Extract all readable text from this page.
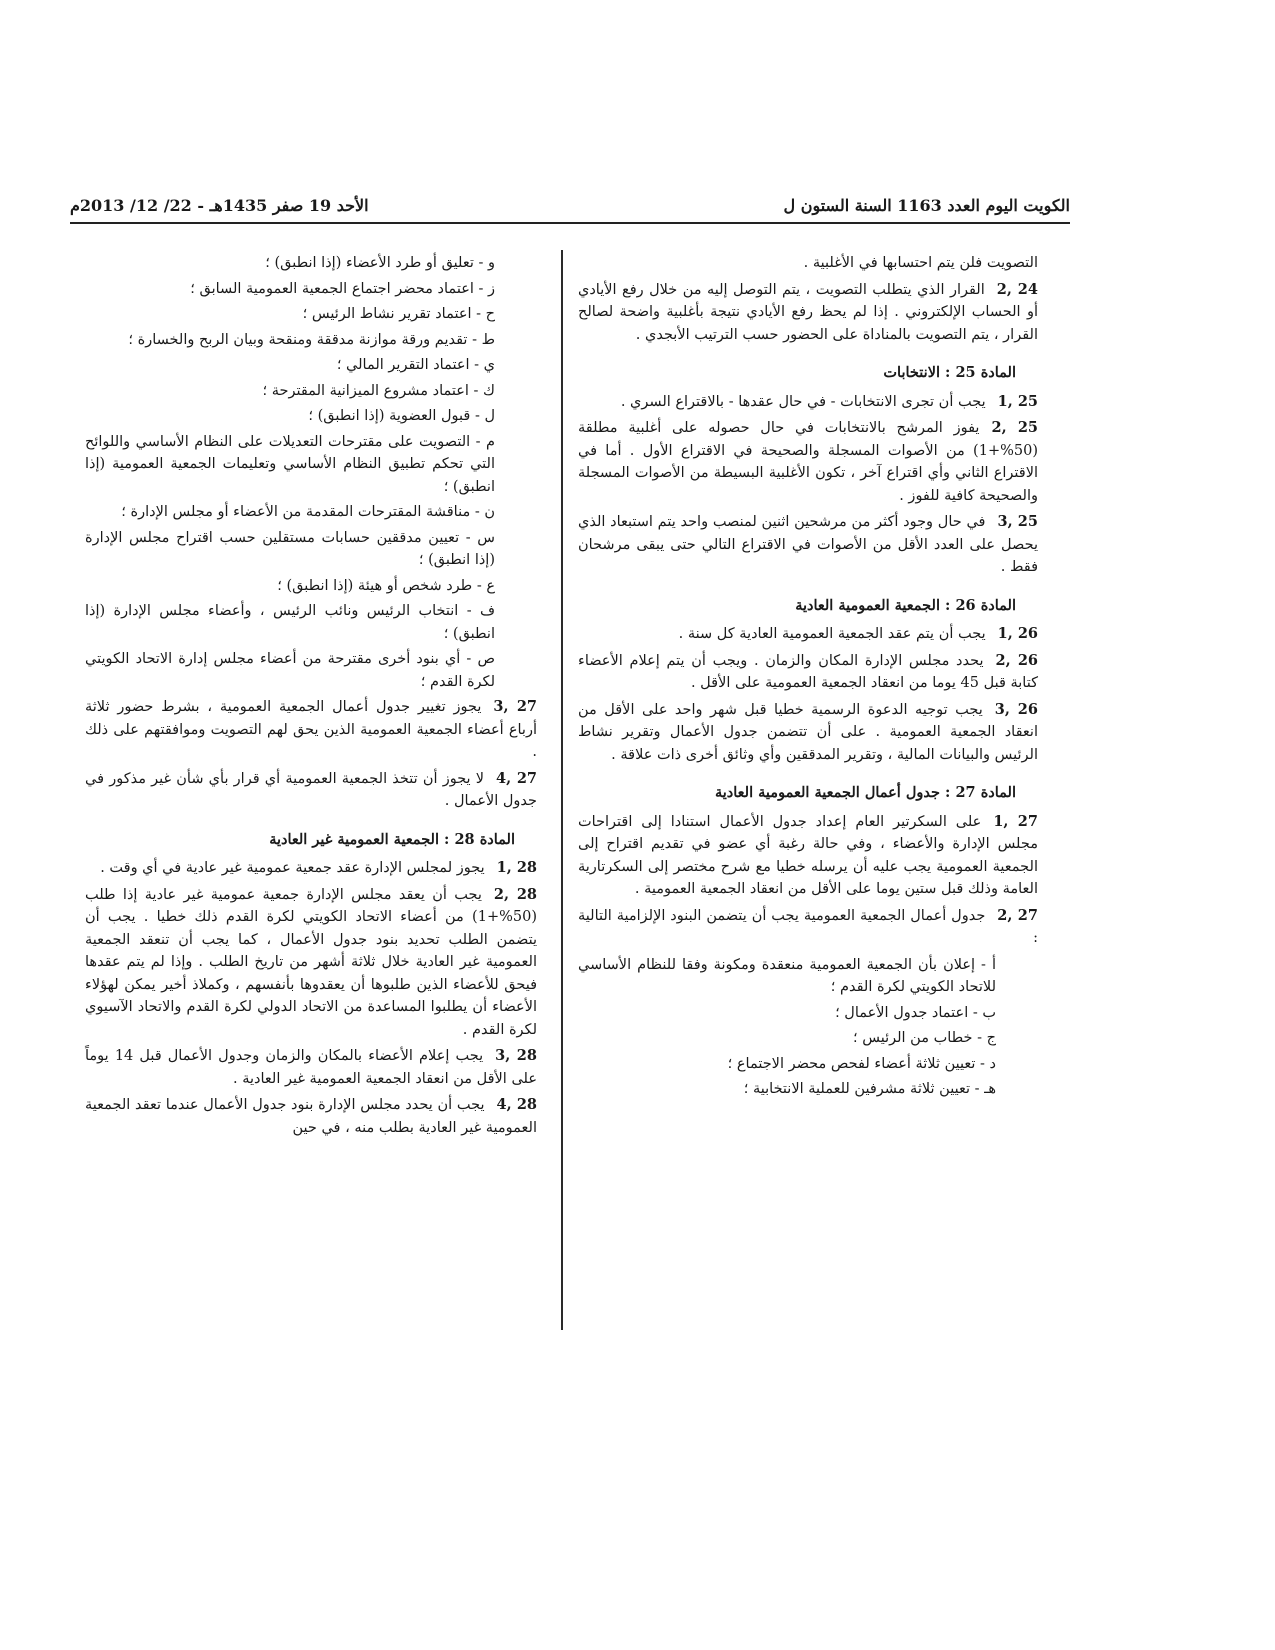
الكويت اليوم العدد 1163 السنة الستون ل
الأحد 19 صفر 1435هـ - 22/ 12/ 2013م

التصويت فلن يتم احتسابها في الأغلبية .

24 ,2القرار الذي يتطلب التصويت ، يتم التوصل إليه من خلال رفع الأيادي أو الحساب الإلكتروني . إذا لم يحظ رفع الأيادي نتيجة بأغلبية واضحة لصالح القرار ، يتم التصويت بالمناداة على الحضور حسب الترتيب الأبجدي .

المادة 25 : الانتخابات

25 ,1يجب أن تجرى الانتخابات - في حال عقدها - بالاقتراع السري .

25 ,2يفوز المرشح بالانتخابات في حال حصوله على أغلبية مطلقة (50%+1) من الأصوات المسجلة والصحيحة في الاقتراع الأول . أما في الاقتراع الثاني وأي اقتراع آخر ، تكون الأغلبية البسيطة من الأصوات المسجلة والصحيحة كافية للفوز .

25 ,3في حال وجود أكثر من مرشحين اثنين لمنصب واحد يتم استبعاد الذي يحصل على العدد الأقل من الأصوات في الاقتراع التالي حتى يبقى مرشحان فقط .

المادة 26 : الجمعية العمومية العادية

26 ,1يجب أن يتم عقد الجمعية العمومية العادية كل سنة .

26 ,2يحدد مجلس الإدارة المكان والزمان . ويجب أن يتم إعلام الأعضاء كتابة قبل 45 يوما من انعقاد الجمعية العمومية على الأقل .

26 ,3يجب توجيه الدعوة الرسمية خطيا قبل شهر واحد على الأقل من انعقاد الجمعية العمومية . على أن تتضمن جدول الأعمال وتقرير نشاط الرئيس والبيانات المالية ، وتقرير المدققين وأي وثائق أخرى ذات علاقة .

المادة 27 : جدول أعمال الجمعية العمومية العادية

27 ,1على السكرتير العام إعداد جدول الأعمال استنادا إلى اقتراحات مجلس الإدارة والأعضاء ، وفي حالة رغبة أي عضو في تقديم اقتراح إلى الجمعية العمومية يجب عليه أن يرسله خطيا مع شرح مختصر إلى السكرتارية العامة وذلك قبل ستين يوما على الأقل من انعقاد الجمعية العمومية .

27 ,2جدول أعمال الجمعية العمومية يجب أن يتضمن البنود الإلزامية التالية :

أ - إعلان بأن الجمعية العمومية منعقدة ومكونة وفقا للنظام الأساسي للاتحاد الكويتي لكرة القدم ؛

ب - اعتماد جدول الأعمال ؛

ج - خطاب من الرئيس ؛

د - تعيين ثلاثة أعضاء لفحص محضر الاجتماع ؛

هـ - تعيين ثلاثة مشرفين للعملية الانتخابية ؛

و - تعليق أو طرد الأعضاء (إذا انطبق) ؛

ز - اعتماد محضر اجتماع الجمعية العمومية السابق ؛

ح - اعتماد تقرير نشاط الرئيس ؛

ط - تقديم ورقة موازنة مدققة ومنقحة وبيان الربح والخسارة ؛

ي - اعتماد التقرير المالي ؛

ك - اعتماد مشروع الميزانية المقترحة ؛

ل - قبول العضوية (إذا انطبق) ؛

م - التصويت على مقترحات التعديلات على النظام الأساسي واللوائح التي تحكم تطبيق النظام الأساسي وتعليمات الجمعية العمومية (إذا انطبق) ؛

ن - مناقشة المقترحات المقدمة من الأعضاء أو مجلس الإدارة ؛

س - تعيين مدققين حسابات مستقلين حسب اقتراح مجلس الإدارة (إذا انطبق) ؛

ع - طرد شخص أو هيئة (إذا انطبق) ؛

ف - انتخاب الرئيس ونائب الرئيس ، وأعضاء مجلس الإدارة (إذا انطبق) ؛

ص - أي بنود أخرى مقترحة من أعضاء مجلس إدارة الاتحاد الكويتي لكرة القدم ؛

27 ,3يجوز تغيير جدول أعمال الجمعية العمومية ، بشرط حضور ثلاثة أرباع أعضاء الجمعية العمومية الذين يحق لهم التصويت وموافقتهم على ذلك .

27 ,4لا يجوز أن تتخذ الجمعية العمومية أي قرار بأي شأن غير مذكور في جدول الأعمال .

المادة 28 : الجمعية العمومية غير العادية

28 ,1يجوز لمجلس الإدارة عقد جمعية عمومية غير عادية في أي وقت .

28 ,2يجب أن يعقد مجلس الإدارة جمعية عمومية غير عادية إذا طلب (50%+1) من أعضاء الاتحاد الكويتي لكرة القدم ذلك خطيا . يجب أن يتضمن الطلب تحديد بنود جدول الأعمال ، كما يجب أن تنعقد الجمعية العمومية غير العادية خلال ثلاثة أشهر من تاريخ الطلب . وإذا لم يتم عقدها فيحق للأعضاء الذين طلبوها أن يعقدوها بأنفسهم ، وكملاذ أخير يمكن لهؤلاء الأعضاء أن يطلبوا المساعدة من الاتحاد الدولي لكرة القدم والاتحاد الآسيوي لكرة القدم .

28 ,3يجب إعلام الأعضاء بالمكان والزمان وجدول الأعمال قبل 14 يوماً على الأقل من انعقاد الجمعية العمومية غير العادية .

28 ,4يجب أن يحدد مجلس الإدارة بنود جدول الأعمال عندما تعقد الجمعية العمومية غير العادية بطلب منه ، في حين
